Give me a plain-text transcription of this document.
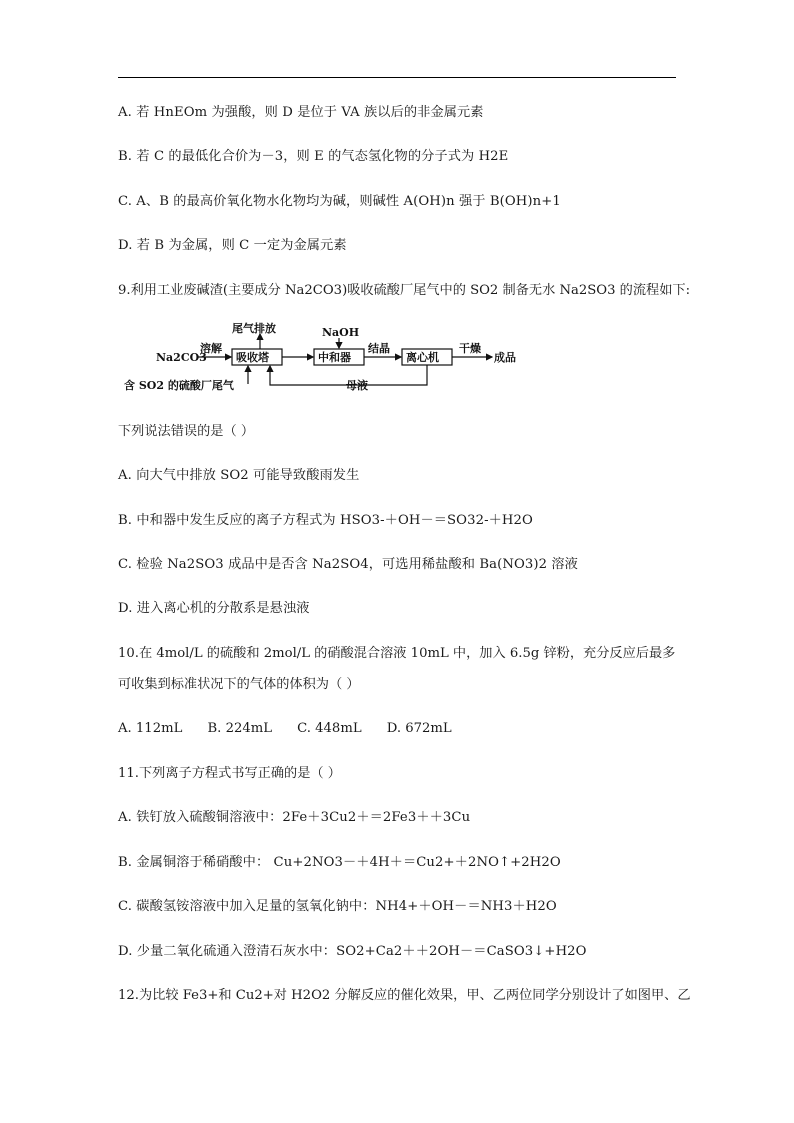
A. 若 HnEOm 为强酸，则 D 是位于 VA 族以后的非金属元素
B. 若 C 的最低化合价为－3，则 E 的气态氢化物的分子式为 H2E
C. A、B 的最高价氧化物水化物均为碱，则碱性 A(OH)n 强于 B(OH)n+1
D. 若 B 为金属，则 C 一定为金属元素
9.利用工业废碱渣(主要成分 Na2CO3)吸收硫酸厂尾气中的 SO2 制备无水 Na2SO3 的流程如下:
吸收塔	中和器	离心机
Na2CO3
溶解
尾气排放	NaOH
结晶	干燥
成品
母液
含 SO2 的硫酸厂尾气
下列说法错误的是（ ）
A. 向大气中排放 SO2 可能导致酸雨发生
B. 中和器中发生反应的离子方程式为 HSO3-＋OH－＝SO32-＋H2O
C. 检验 Na2SO3 成品中是否含 Na2SO4，可选用稀盐酸和 Ba(NO3)2 溶液
D. 进入离心机的分散系是悬浊液
10.在 4mol/L 的硫酸和 2mol/L 的硝酸混合溶液 10mL 中，加入 6.5g 锌粉，充分反应后最多
可收集到标准状况下的气体的体积为（ ）
A. 112mL      B. 224mL      C. 448mL      D. 672mL
11.下列离子方程式书写正确的是（ ）
A. 铁钉放入硫酸铜溶液中：2Fe＋3Cu2＋＝2Fe3＋＋3Cu
B. 金属铜溶于稀硝酸中： Cu+2NO3－＋4H＋＝Cu2+＋2NO↑+2H2O
C. 碳酸氢铵溶液中加入足量的氢氧化钠中：NH4+＋OH－＝NH3＋H2O
D. 少量二氧化硫通入澄清石灰水中：SO2+Ca2＋＋2OH－＝CaSO3↓+H2O
12.为比较 Fe3+和 Cu2+对 H2O2 分解反应的催化效果，甲、乙两位同学分别设计了如图甲、乙
